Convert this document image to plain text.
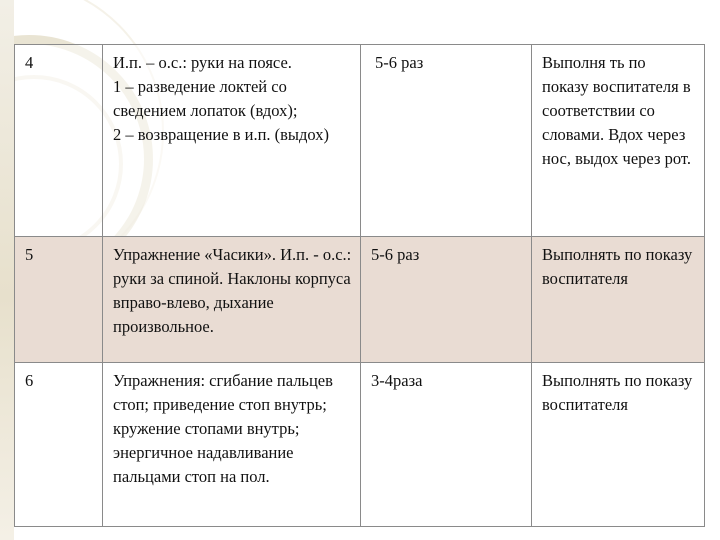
4	И.п. – о.с.: руки на поясе.
1 – разведение локтей со сведением лопаток (вдох);
2 – возвращение в и.п. (выдох)	5-6 раз	Выполня ть по показу воспитателя в соответствии со словами. Вдох через нос, выдох через рот.
5	Упражнение «Часики». И.п. - о.с.: руки за спиной. Наклоны корпуса вправо-влево, дыхание произвольное.	5-6 раз	Выполнять по показу воспитателя
6	Упражнения: сгибание пальцев стоп; приведение стоп внутрь; кружение стопами внутрь; энергичное надавливание пальцами стоп на пол.	3-4раза	Выполнять по показу воспитателя
